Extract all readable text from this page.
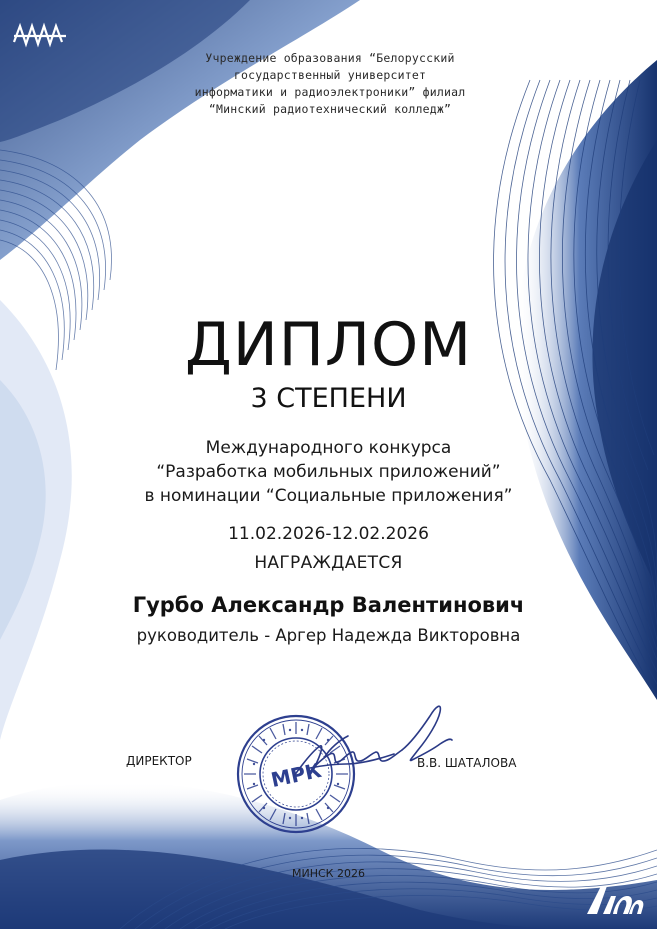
Учреждение образования “Белорусский
государственный университет
информатики и радиоэлектроники” филиал
“Минский радиотехнический колледж”
ДИПЛОМ
3 СТЕПЕНИ
Международного конкурса
“Разработка мобильных приложений”
в номинации “Социальные приложения”
11.02.2026-12.02.2026
НАГРАЖДАЕТСЯ
Гурбо Александр Валентинович
руководитель - Аргер Надежда Викторовна
МРК
ДИРЕКТОР	В.В. ШАТАЛОВА
МИНСК 2026
